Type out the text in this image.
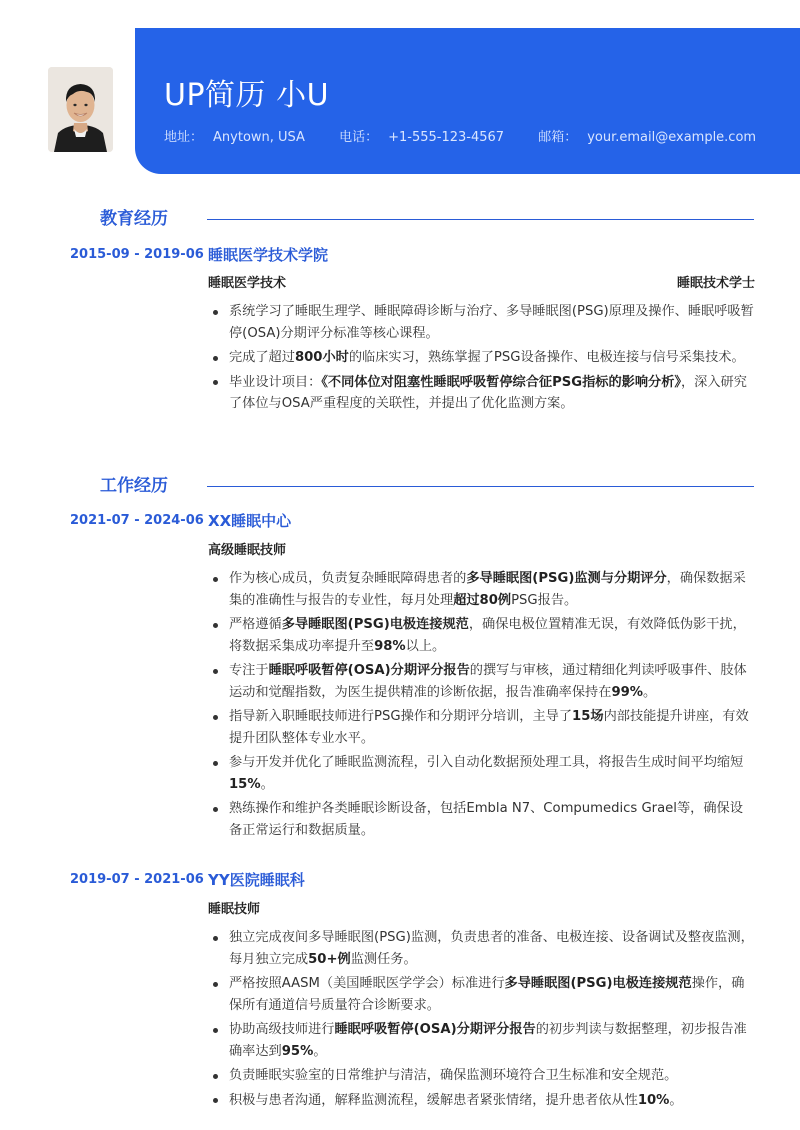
UP简历 小U
地址： Anytown, USA	电话： +1-555-123-4567	邮箱： your.email@example.com
教育经历
2015-09 - 2019-06 睡眠医学技术学院
睡眠医学技术	睡眠技术学士
系统学习了睡眠生理学、睡眠障碍诊断与治疗、多导睡眠图(PSG)原理及操作、睡眠呼吸暂停(OSA)分期评分标准等核心课程。
完成了超过800小时的临床实习，熟练掌握了PSG设备操作、电极连接与信号采集技术。
毕业设计项目：《不同体位对阻塞性睡眠呼吸暂停综合征PSG指标的影响分析》，深入研究了体位与OSA严重程度的关联性，并提出了优化监测方案。
工作经历
2021-07 - 2024-06 XX睡眠中心
高级睡眠技师
作为核心成员，负责复杂睡眠障碍患者的多导睡眠图(PSG)监测与分期评分，确保数据采集的准确性与报告的专业性，每月处理超过80例PSG报告。
严格遵循多导睡眠图(PSG)电极连接规范，确保电极位置精准无误，有效降低伪影干扰，将数据采集成功率提升至98%以上。
专注于睡眠呼吸暂停(OSA)分期评分报告的撰写与审核，通过精细化判读呼吸事件、肢体运动和觉醒指数，为医生提供精准的诊断依据，报告准确率保持在99%。
指导新入职睡眠技师进行PSG操作和分期评分培训，主导了15场内部技能提升讲座，有效提升团队整体专业水平。
参与开发并优化了睡眠监测流程，引入自动化数据预处理工具，将报告生成时间平均缩短15%。
熟练操作和维护各类睡眠诊断设备，包括Embla N7、Compumedics Grael等，确保设备正常运行和数据质量。
2019-07 - 2021-06 YY医院睡眠科
睡眠技师
独立完成夜间多导睡眠图(PSG)监测，负责患者的准备、电极连接、设备调试及整夜监测，每月独立完成50+例监测任务。
严格按照AASM（美国睡眠医学学会）标准进行多导睡眠图(PSG)电极连接规范操作，确保所有通道信号质量符合诊断要求。
协助高级技师进行睡眠呼吸暂停(OSA)分期评分报告的初步判读与数据整理，初步报告准确率达到95%。
负责睡眠实验室的日常维护与清洁，确保监测环境符合卫生标准和安全规范。
积极与患者沟通，解释监测流程，缓解患者紧张情绪，提升患者依从性10%。
